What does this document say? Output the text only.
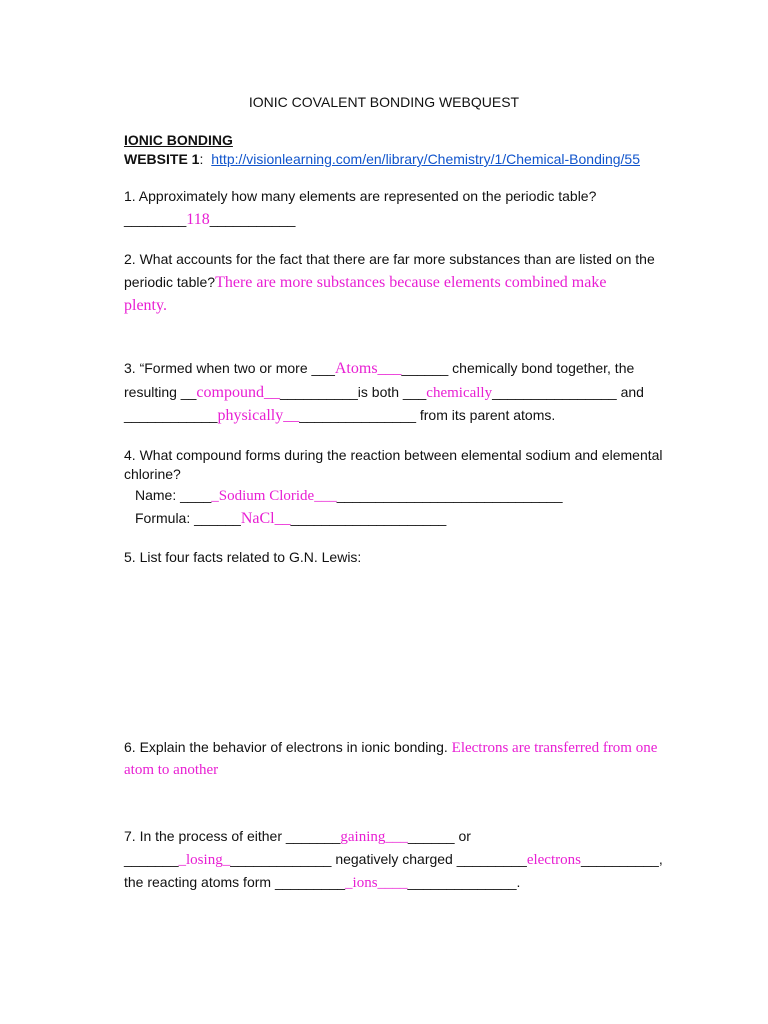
IONIC COVALENT BONDING WEBQUEST
IONIC BONDING
WEBSITE 1: http://visionlearning.com/en/library/Chemistry/1/Chemical-Bonding/55
1. Approximately how many elements are represented on the periodic table?
________118___________
2. What accounts for the fact that there are far more substances than are listed on the
periodic table?There are more substances because elements combined make
plenty.
3. “Formed when two or more ___Atoms_________ chemically bond together, the
resulting __compound____________is both ___chemically________________ and
____________physically_________________ from its parent atoms.
4. What compound forms during the reaction between elemental sodium and elemental
chlorine?
Name: _____Sodium Cloride________________________________
Formula: ______NaCl______________________
5. List four facts related to G.N. Lewis:
6. Explain the behavior of electrons in ionic bonding. Electrons are transferred from one
atom to another
7. In the process of either _______gaining_________ or
________losing______________ negatively charged _________electrons__________,
the reacting atoms form __________ions__________________.
